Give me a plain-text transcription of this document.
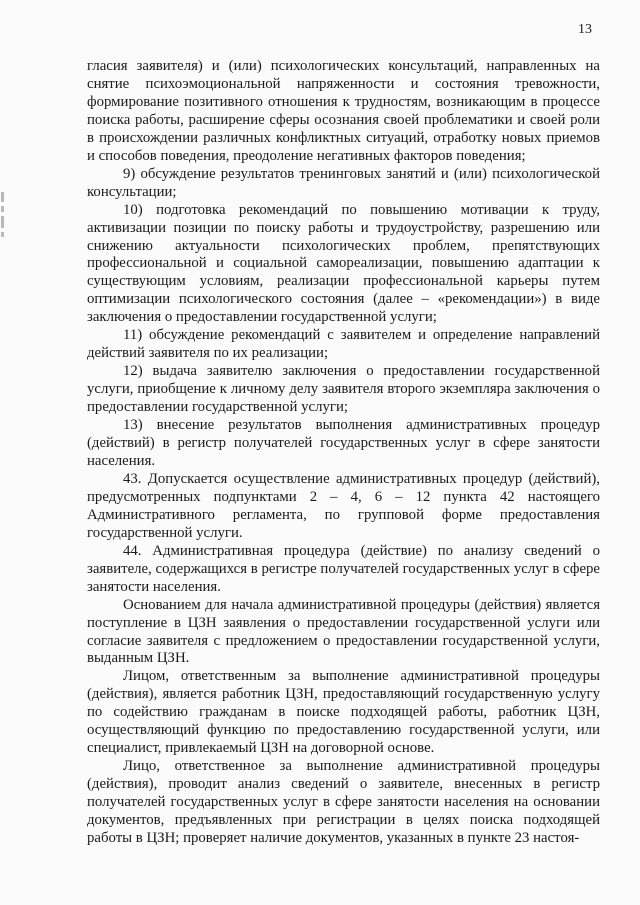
13

гласия заявителя) и (или) психологических консультаций, направленных на снятие психоэмоциональной напряженности и состояния тревожности, формирование позитивного отношения к трудностям, возникающим в процессе поиска работы, расширение сферы осознания своей проблематики и своей роли в происхождении различных конфликтных ситуаций, отработку новых приемов и способов поведения, преодоление негативных факторов поведения;

9) обсуждение результатов тренинговых занятий и (или) психологической консультации;

10) подготовка рекомендаций по повышению мотивации к труду, активизации позиции по поиску работы и трудоустройству, разрешению или снижению актуальности психологических проблем, препятствующих профессиональной и социальной самореализации, повышению адаптации к существующим условиям, реализации профессиональной карьеры путем оптимизации психологического состояния (далее – «рекомендации») в виде заключения о предоставлении государственной услуги;

11) обсуждение рекомендаций с заявителем и определение направлений действий заявителя по их реализации;

12) выдача заявителю заключения о предоставлении государственной услуги, приобщение к личному делу заявителя второго экземпляра заключения о предоставлении государственной услуги;

13) внесение результатов выполнения административных процедур (действий) в регистр получателей государственных услуг в сфере занятости населения.

43. Допускается осуществление административных процедур (действий), предусмотренных подпунктами 2 – 4, 6 – 12 пункта 42 настоящего Административного регламента, по групповой форме предоставления государственной услуги.

44. Административная процедура (действие) по анализу сведений о заявителе, содержащихся в регистре получателей государственных услуг в сфере занятости населения.

Основанием для начала административной процедуры (действия) является поступление в ЦЗН заявления о предоставлении государственной услуги или согласие заявителя с предложением о предоставлении государственной услуги, выданным ЦЗН.

Лицом, ответственным за выполнение административной процедуры (действия), является работник ЦЗН, предоставляющий государственную услугу по содействию гражданам в поиске подходящей работы, работник ЦЗН, осуществляющий функцию по предоставлению государственной услуги, или специалист, привлекаемый ЦЗН на договорной основе.

Лицо, ответственное за выполнение административной процедуры (действия), проводит анализ сведений о заявителе, внесенных в регистр получателей государственных услуг в сфере занятости населения на основании документов, предъявленных при регистрации в целях поиска подходящей работы в ЦЗН; проверяет наличие документов, указанных в пункте 23 настоя-
